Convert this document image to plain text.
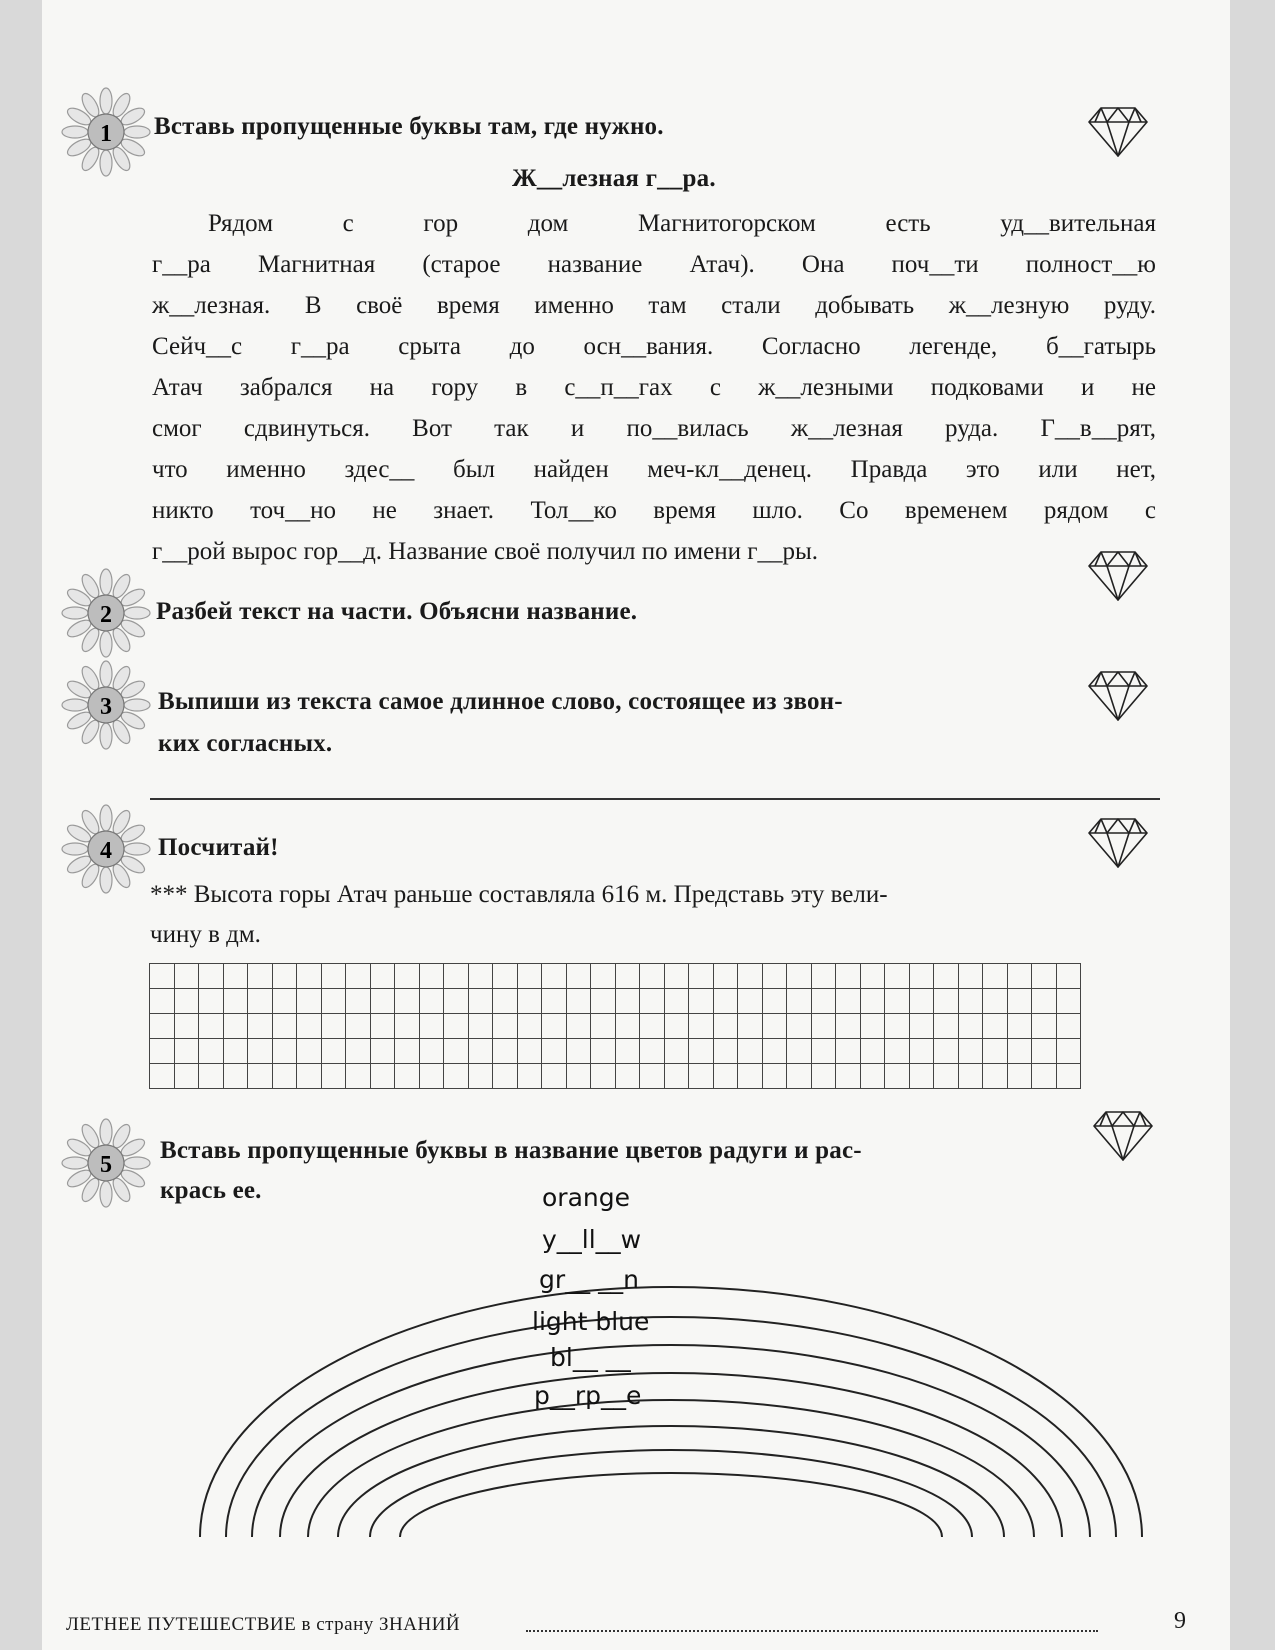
1 Вставь пропущенные буквы там, где нужно.
Ж__лезная г__ра.
Рядом с гор дом Магнитогорском есть уд__вительная
г__ра Магнитная (старое название Атач). Она поч__ти полност__ю
ж__лезная. В своё время именно там стали добывать ж__лезную руду.
Сейч__с г__ра срыта до осн__вания. Согласно легенде, б__гатырь
Атач забрался на гору в с__п__гах с ж__лезными подковами и не
смог сдвинуться. Вот так и по__вилась ж__лезная руда. Г__в__рят,
что именно здес__ был найден меч-кл__денец. Правда это или нет,
никто точ__но не знает. Тол__ко время шло. Со временем рядом с
г__рой вырос гор__д. Название своё получил по имени г__ры.
2 Разбей текст на части. Объясни название.
3 Выпиши из текста самое длинное слово, состоящее из звон-
ких согласных.
4 Посчитай!
*** Высота горы Атач раньше составляла 616 м. Представь эту вели-
чину в дм.

5
Вставь пропущенные буквы в название цветов радуги и рас-
крась ее.	orange
y__ll__w
gr__ __n
light blue
bl__ __
p__rp__e
ЛЕТНЕЕ ПУТЕШЕСТВИЕ в страну ЗНАНИЙ	9
